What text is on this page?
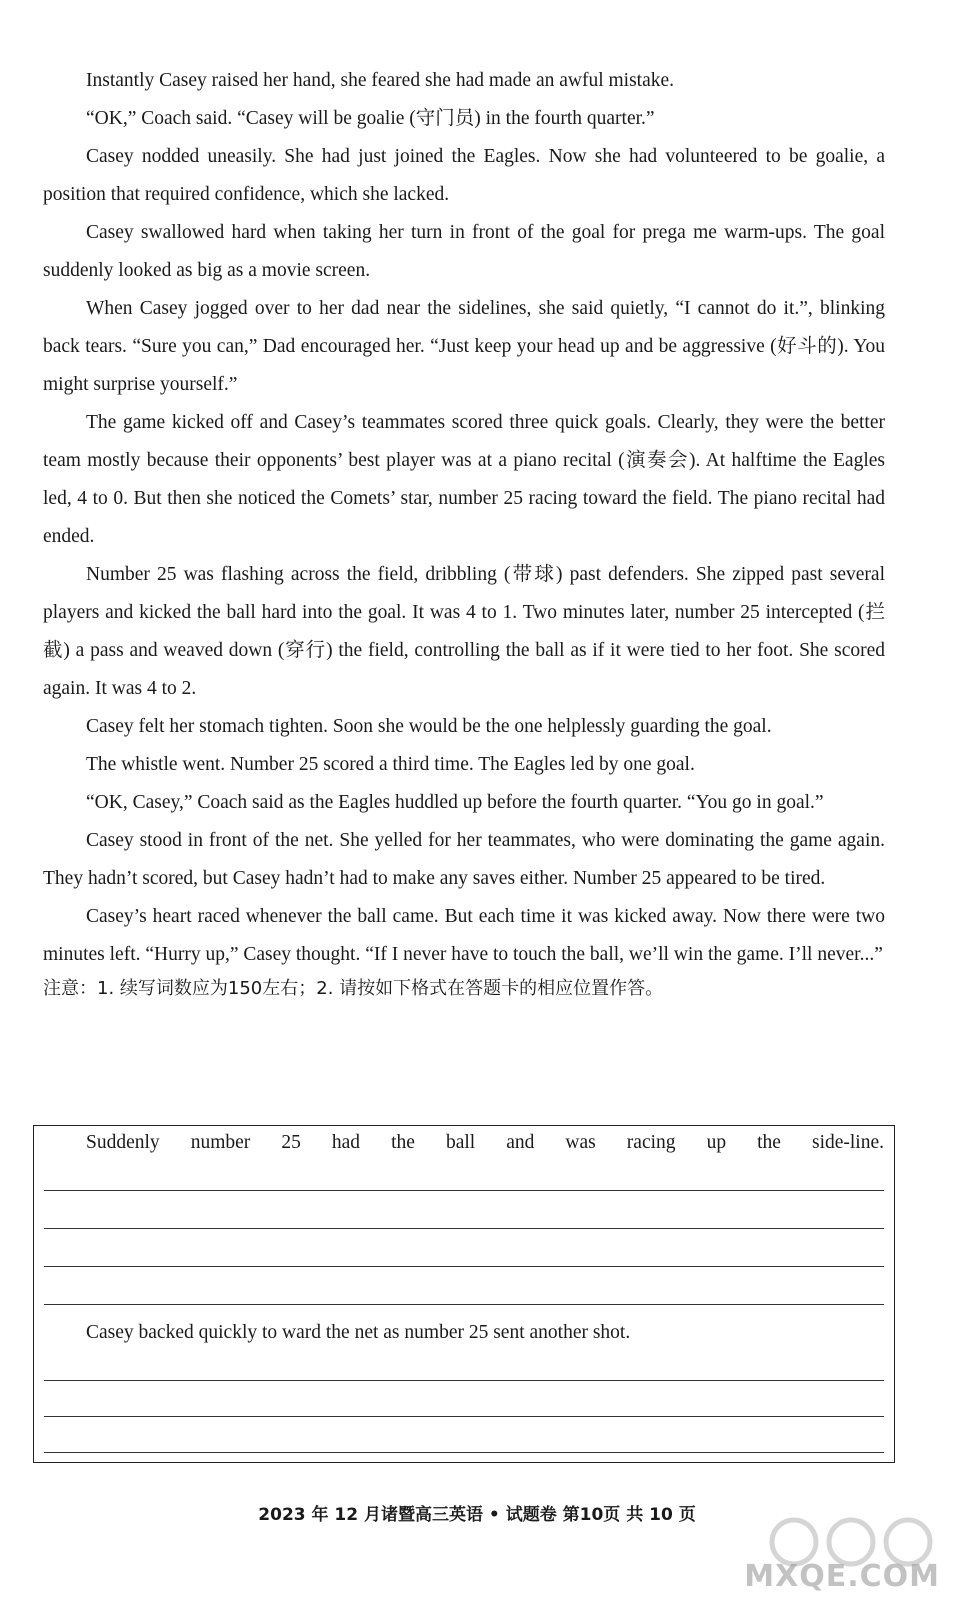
Instantly Casey raised her hand, she feared she had made an awful mistake.

“OK,” Coach said. “Casey will be goalie (守门员) in the fourth quarter.”

Casey nodded uneasily. She had just joined the Eagles. Now she had volunteered to be goalie, a position that required confidence, which she lacked.

Casey swallowed hard when taking her turn in front of the goal for prega me warm-ups. The goal suddenly looked as big as a movie screen.

When Casey jogged over to her dad near the sidelines, she said quietly, “I cannot do it.”, blinking back tears. “Sure you can,” Dad encouraged her. “Just keep your head up and be aggressive (好斗的). You might surprise yourself.”

The game kicked off and Casey’s teammates scored three quick goals. Clearly, they were the better team mostly because their opponents’ best player was at a piano recital (演奏会). At halftime the Eagles led, 4 to 0. But then she noticed the Comets’ star, number 25 racing toward the field. The piano recital had ended.

Number 25 was flashing across the field, dribbling (带球) past defenders. She zipped past several players and kicked the ball hard into the goal. It was 4 to 1. Two minutes later, number 25 intercepted (拦截) a pass and weaved down (穿行) the field, controlling the ball as if it were tied to her foot. She scored again. It was 4 to 2.

Casey felt her stomach tighten. Soon she would be the one helplessly guarding the goal.

The whistle went. Number 25 scored a third time. The Eagles led by one goal.

“OK, Casey,” Coach said as the Eagles huddled up before the fourth quarter. “You go in goal.”

Casey stood in front of the net. She yelled for her teammates, who were dominating the game again. They hadn’t scored, but Casey hadn’t had to make any saves either. Number 25 appeared to be tired.

Casey’s heart raced whenever the ball came. But each time it was kicked away. Now there were two minutes left. “Hurry up,” Casey thought. “If I never have to touch the ball, we’ll win the game. I’ll never...”

注意：1. 续写词数应为150左右；2. 请按如下格式在答题卡的相应位置作答。

Suddenly number 25 had the ball and was racing up the side-line.

Casey backed quickly to ward the net as number 25 sent another shot.

2023 年 12 月诸暨高三英语 • 试题卷 第10页 共 10 页
MXQE.COM
